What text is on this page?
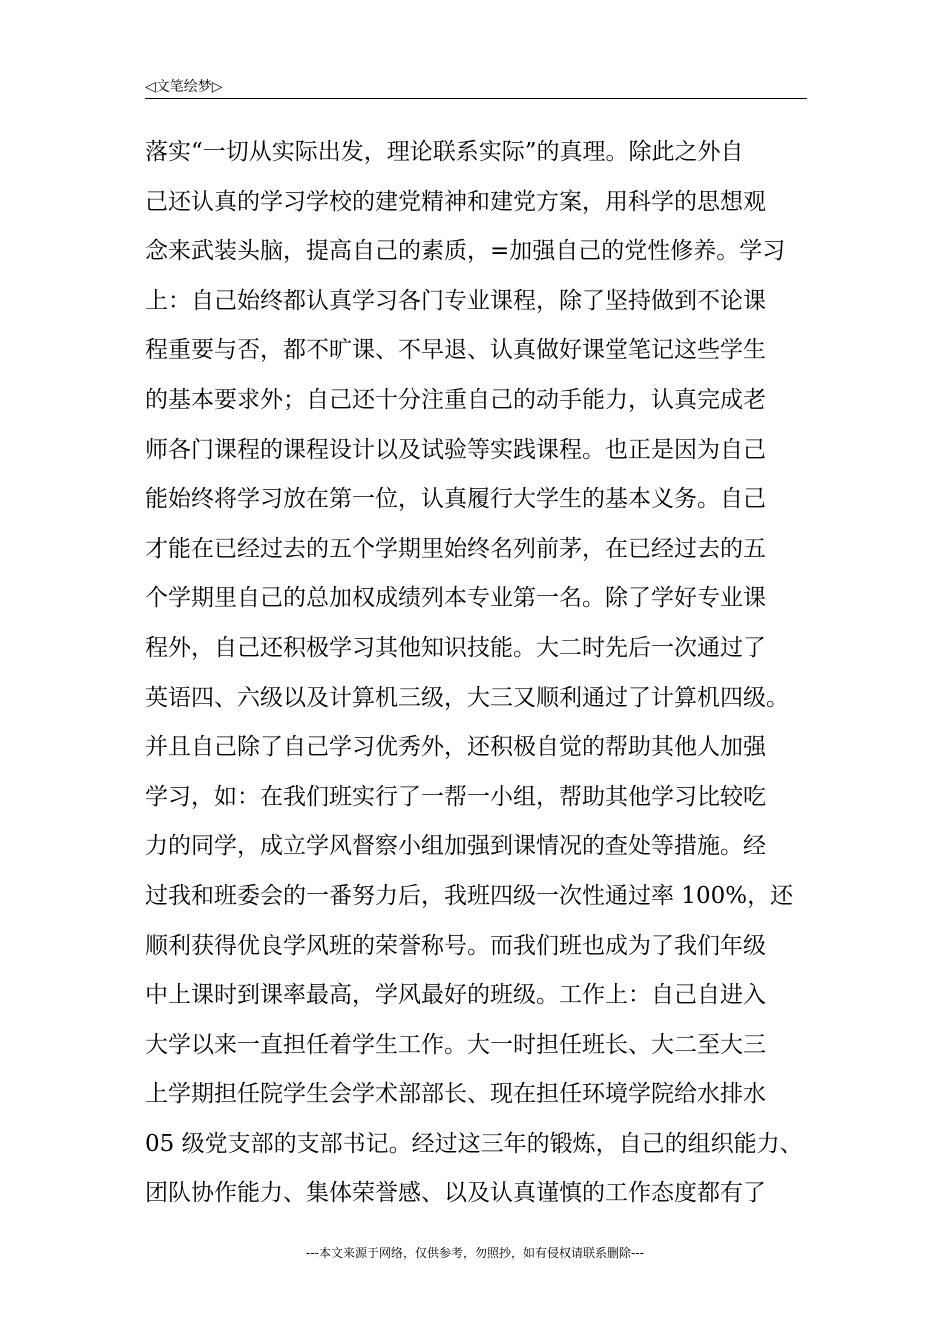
◁文笔绘梦▷
落实“一切从实际出发，理论联系实际”的真理。除此之外自
己还认真的学习学校的建党精神和建党方案，用科学的思想观
念来武装头脑，提高自己的素质，=加强自己的党性修养。学习
上：自己始终都认真学习各门专业课程，除了坚持做到不论课
程重要与否，都不旷课、不早退、认真做好课堂笔记这些学生
的基本要求外；自己还十分注重自己的动手能力，认真完成老
师各门课程的课程设计以及试验等实践课程。也正是因为自己
能始终将学习放在第一位，认真履行大学生的基本义务。自己
才能在已经过去的五个学期里始终名列前茅，在已经过去的五
个学期里自己的总加权成绩列本专业第一名。除了学好专业课
程外，自己还积极学习其他知识技能。大二时先后一次通过了
英语四、六级以及计算机三级，大三又顺利通过了计算机四级。
并且自己除了自己学习优秀外，还积极自觉的帮助其他人加强
学习，如：在我们班实行了一帮一小组，帮助其他学习比较吃
力的同学，成立学风督察小组加强到课情况的查处等措施。经
过我和班委会的一番努力后，我班四级一次性通过率 100%，还
顺利获得优良学风班的荣誉称号。而我们班也成为了我们年级
中上课时到课率最高，学风最好的班级。工作上：自己自进入
大学以来一直担任着学生工作。大一时担任班长、大二至大三
上学期担任院学生会学术部部长、现在担任环境学院给水排水
05 级党支部的支部书记。经过这三年的锻炼，自己的组织能力、
团队协作能力、集体荣誉感、以及认真谨慎的工作态度都有了
---本文来源于网络，仅供参考，勿照抄，如有侵权请联系删除---
